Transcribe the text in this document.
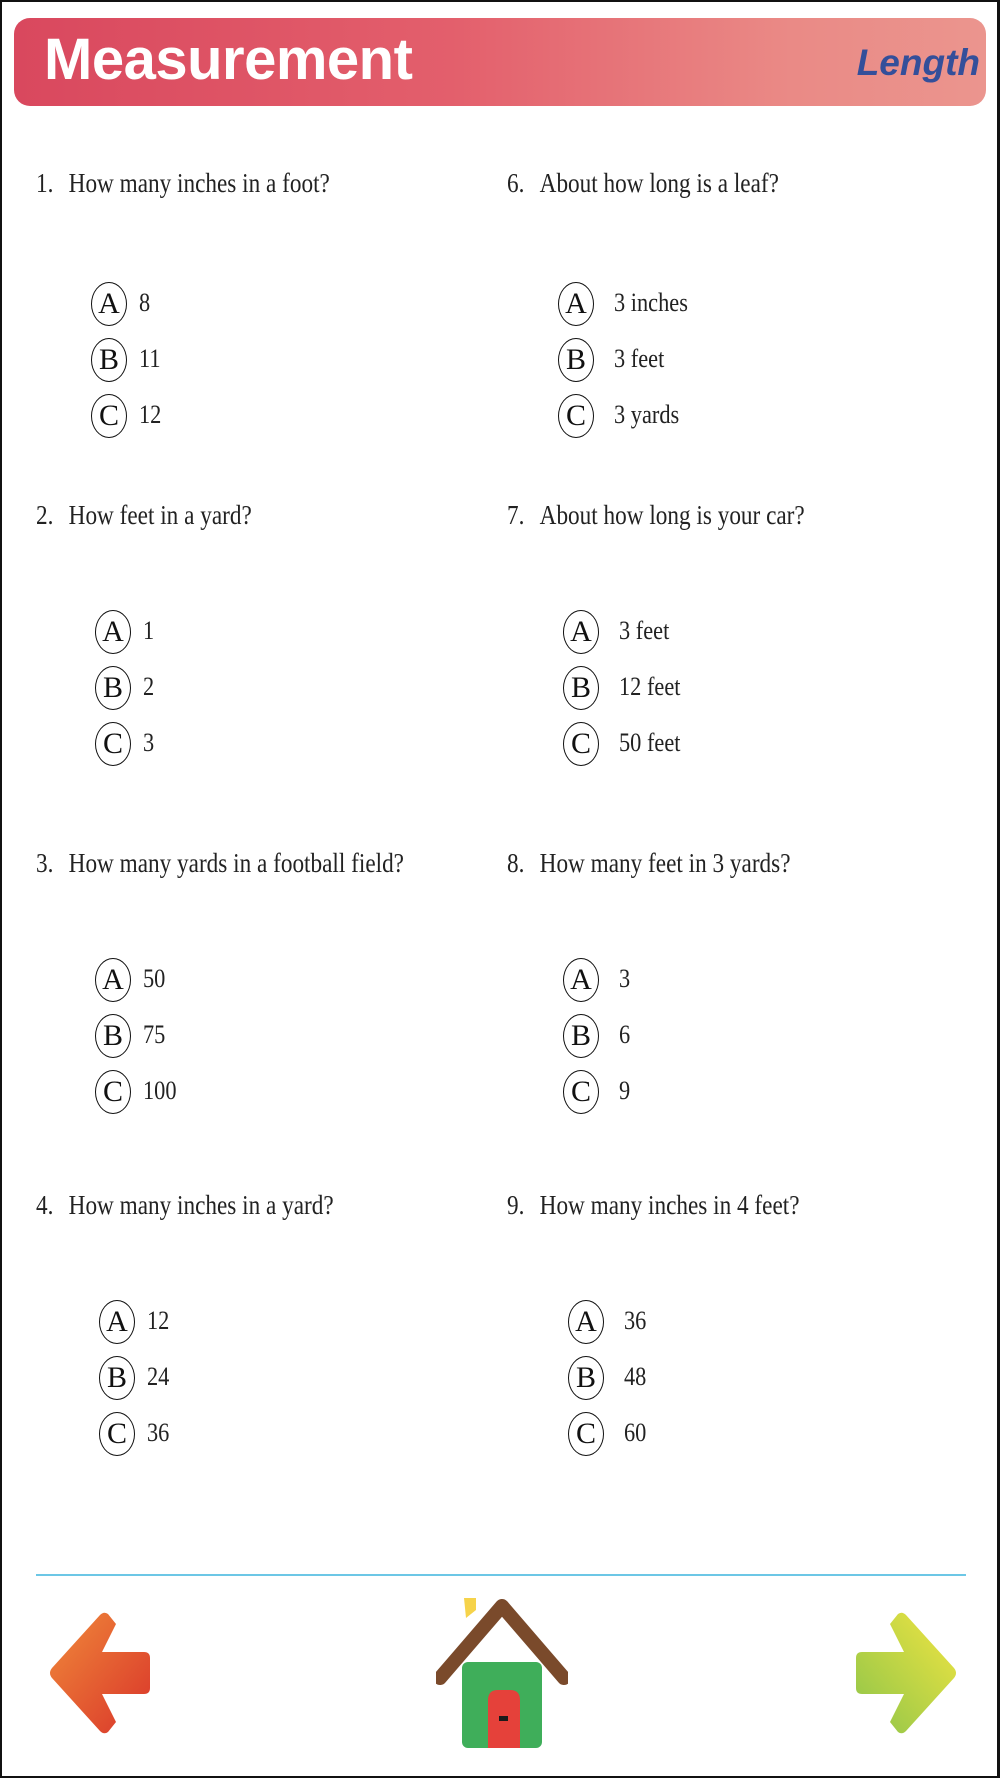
Measurement	Length
1. How many inches in a foot?
A 8
B 11
C 12
2. How feet in a yard?
A 1
B 2
C 3
3. How many yards in a football field?
A 50
B 75
C 100
4. How many inches in a yard?
A 12
B 24
C 36
6. About how long is a leaf?
A 3 inches
B	3 feet
C	3 yards
7. About how long is your car?
A 3 feet
B	12 feet
C	50 feet
8. How many feet in 3 yards?
A 3
B	6
C	9
9. How many inches in 4 feet?
A 36
B	48
C	60
